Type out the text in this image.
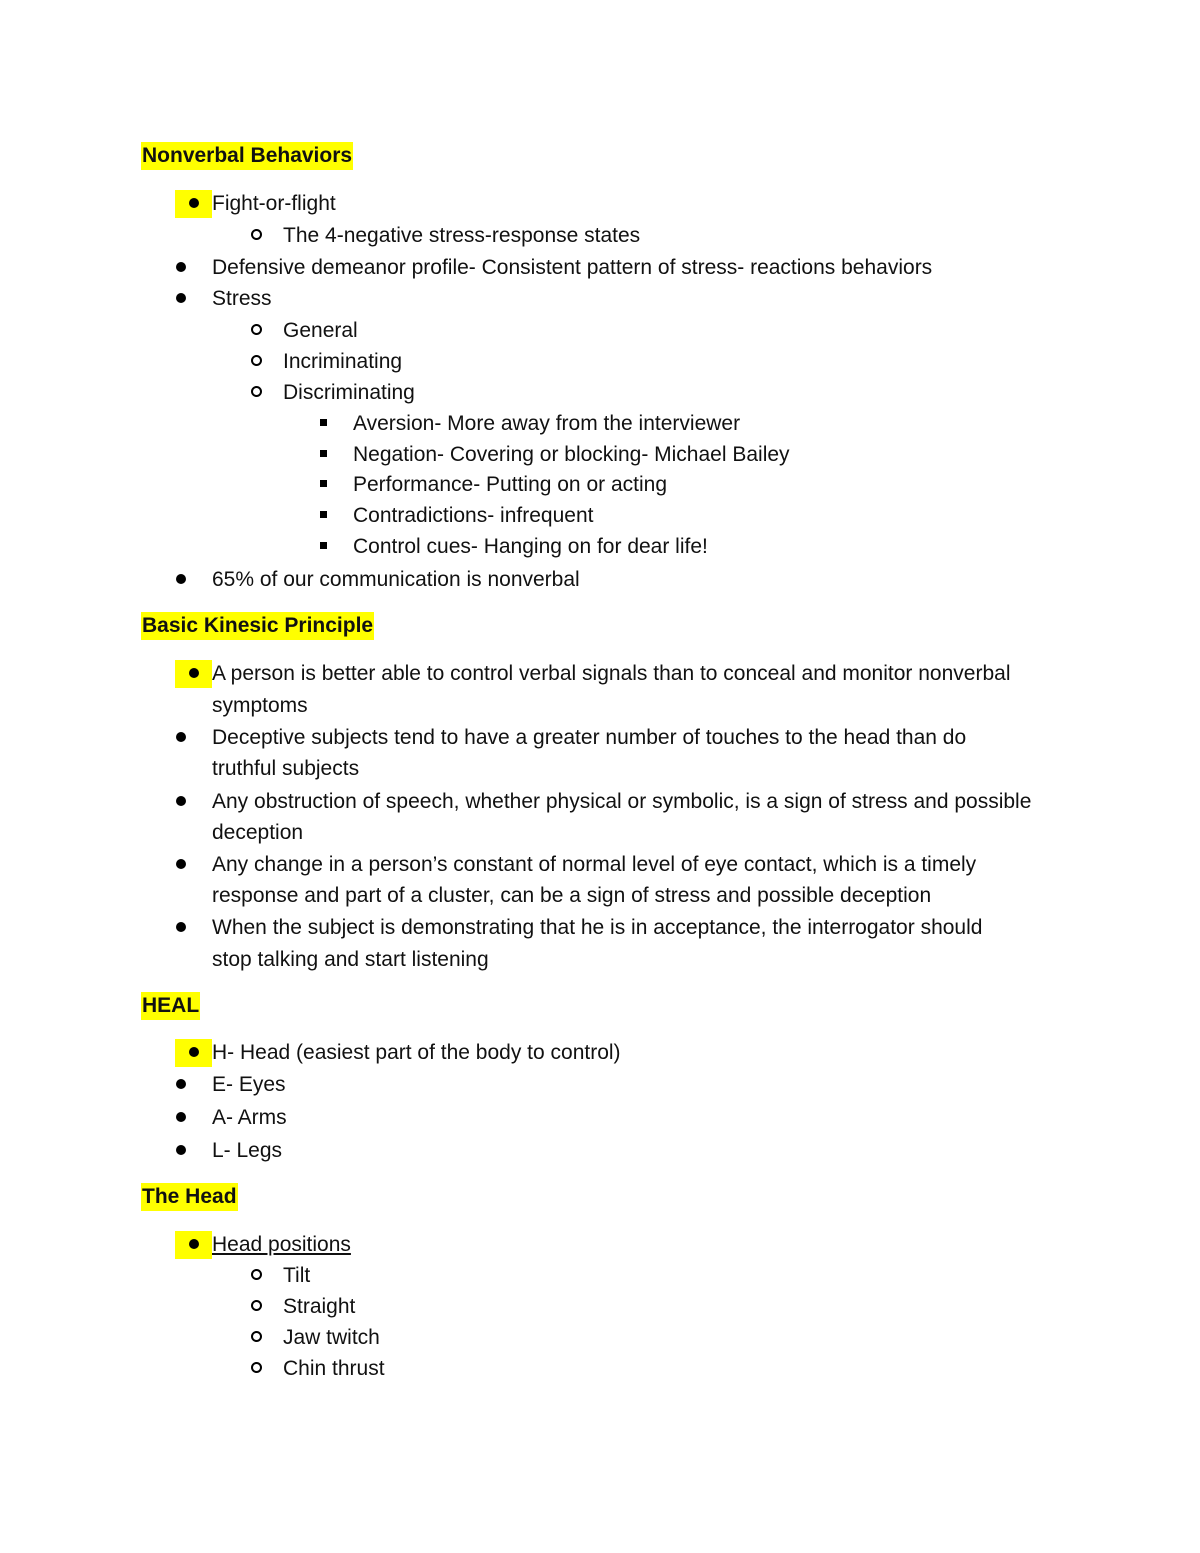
Nonverbal Behaviors
Fight-or-flight
The 4-negative stress-response states
Defensive demeanor profile- Consistent pattern of stress- reactions behaviors
Stress
General
Incriminating
Discriminating
Aversion- More away from the interviewer
Negation- Covering or blocking- Michael Bailey
Performance- Putting on or acting
Contradictions- infrequent
Control cues- Hanging on for dear life!
65% of our communication is nonverbal
Basic Kinesic Principle
A person is better able to control verbal signals than to conceal and monitor nonverbal
symptoms
Deceptive subjects tend to have a greater number of touches to the head than do
truthful subjects
Any obstruction of speech, whether physical or symbolic, is a sign of stress and possible
deception
Any change in a person’s constant of normal level of eye contact, which is a timely
response and part of a cluster, can be a sign of stress and possible deception
When the subject is demonstrating that he is in acceptance, the interrogator should
stop talking and start listening
HEAL
H- Head (easiest part of the body to control)
E- Eyes
A- Arms
L- Legs
The Head
Head positions
Tilt
Straight
Jaw twitch
Chin thrust
